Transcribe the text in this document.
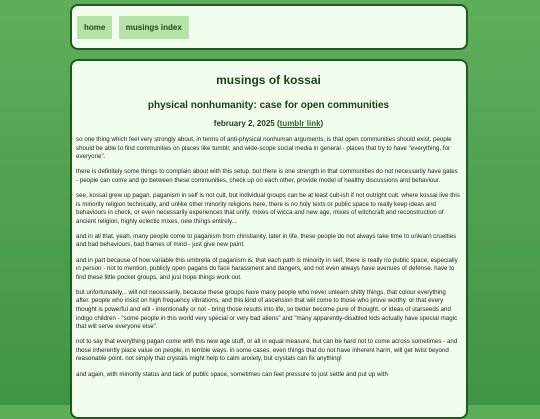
home	musings index
musings of kossai
physical nonhumanity: case for open communities
february 2, 2025 (tumblr link)

so one thing which feel very strongly about, in terms of anti-physical nonhuman arguments, is that open communities should exist. people should be able to find communities on places like tumblr, and wide-scope social media in general - places that try to have "everything, for everyone".

there is definitely some things to complain about with this setup, but there is one strength in that communities do not necessarily have gates - people can come and go between these communities, check up on each other, provide model of healthy discussions and behaviour.

see, kossai grew up pagan. paganism in self is not cult, but individual groups can be at least cult-ish if not outright cult. where kossai live this is minority religion technically, and unlike other minority religions here, there is no holy texts or public space to really keep ideas and behaviours in check, or even necessarily experiences that unify. mixes of wicca and new age, mixes of witchcraft and reconstruction of ancient religion, highly eclectic mixes, new things entirely...

and in all that, yeah, many people come to paganism from christianity, later in life. these people do not always take time to unlearn cruelties and bad behaviours, bad frames of mind - just give new paint.

and in part because of how variable this umbrella of paganism is, that each path is minority in self, there is really no public space, especially in person - not to mention, publicly open pagans do face harassment and dangers, and not even always have avenues of defense. have to find these little pocket groups, and just hope things work out.

but unfortunately... will not necessarily. because these groups have many people who never unlearn shitty things, that colour everything after. people who insist on high frequency vibrations, and this kind of ascension that will come to those who prove worthy. or that every thought is powerful and will - intentionally or not - bring those results into life, so better become pure of thought. or ideas of starseeds and indigo children - "some people in this world very special or very bad aliens" and "many apparently-disabled kids actually have special magic that will serve everyone else".

not to say that everything pagan come with this new age stuff, or all in equal measure, but can be hard not to come across sometimes - and those inherently place value on people, in terrible ways. in some cases, even things that do not have inherent harm, will get twist beyond reasonable point. not simply that crystals might help to calm anxiety, but crystals can fix anything!

and again, with minority status and lack of public space, sometimes can feel pressure to just settle and put up with
